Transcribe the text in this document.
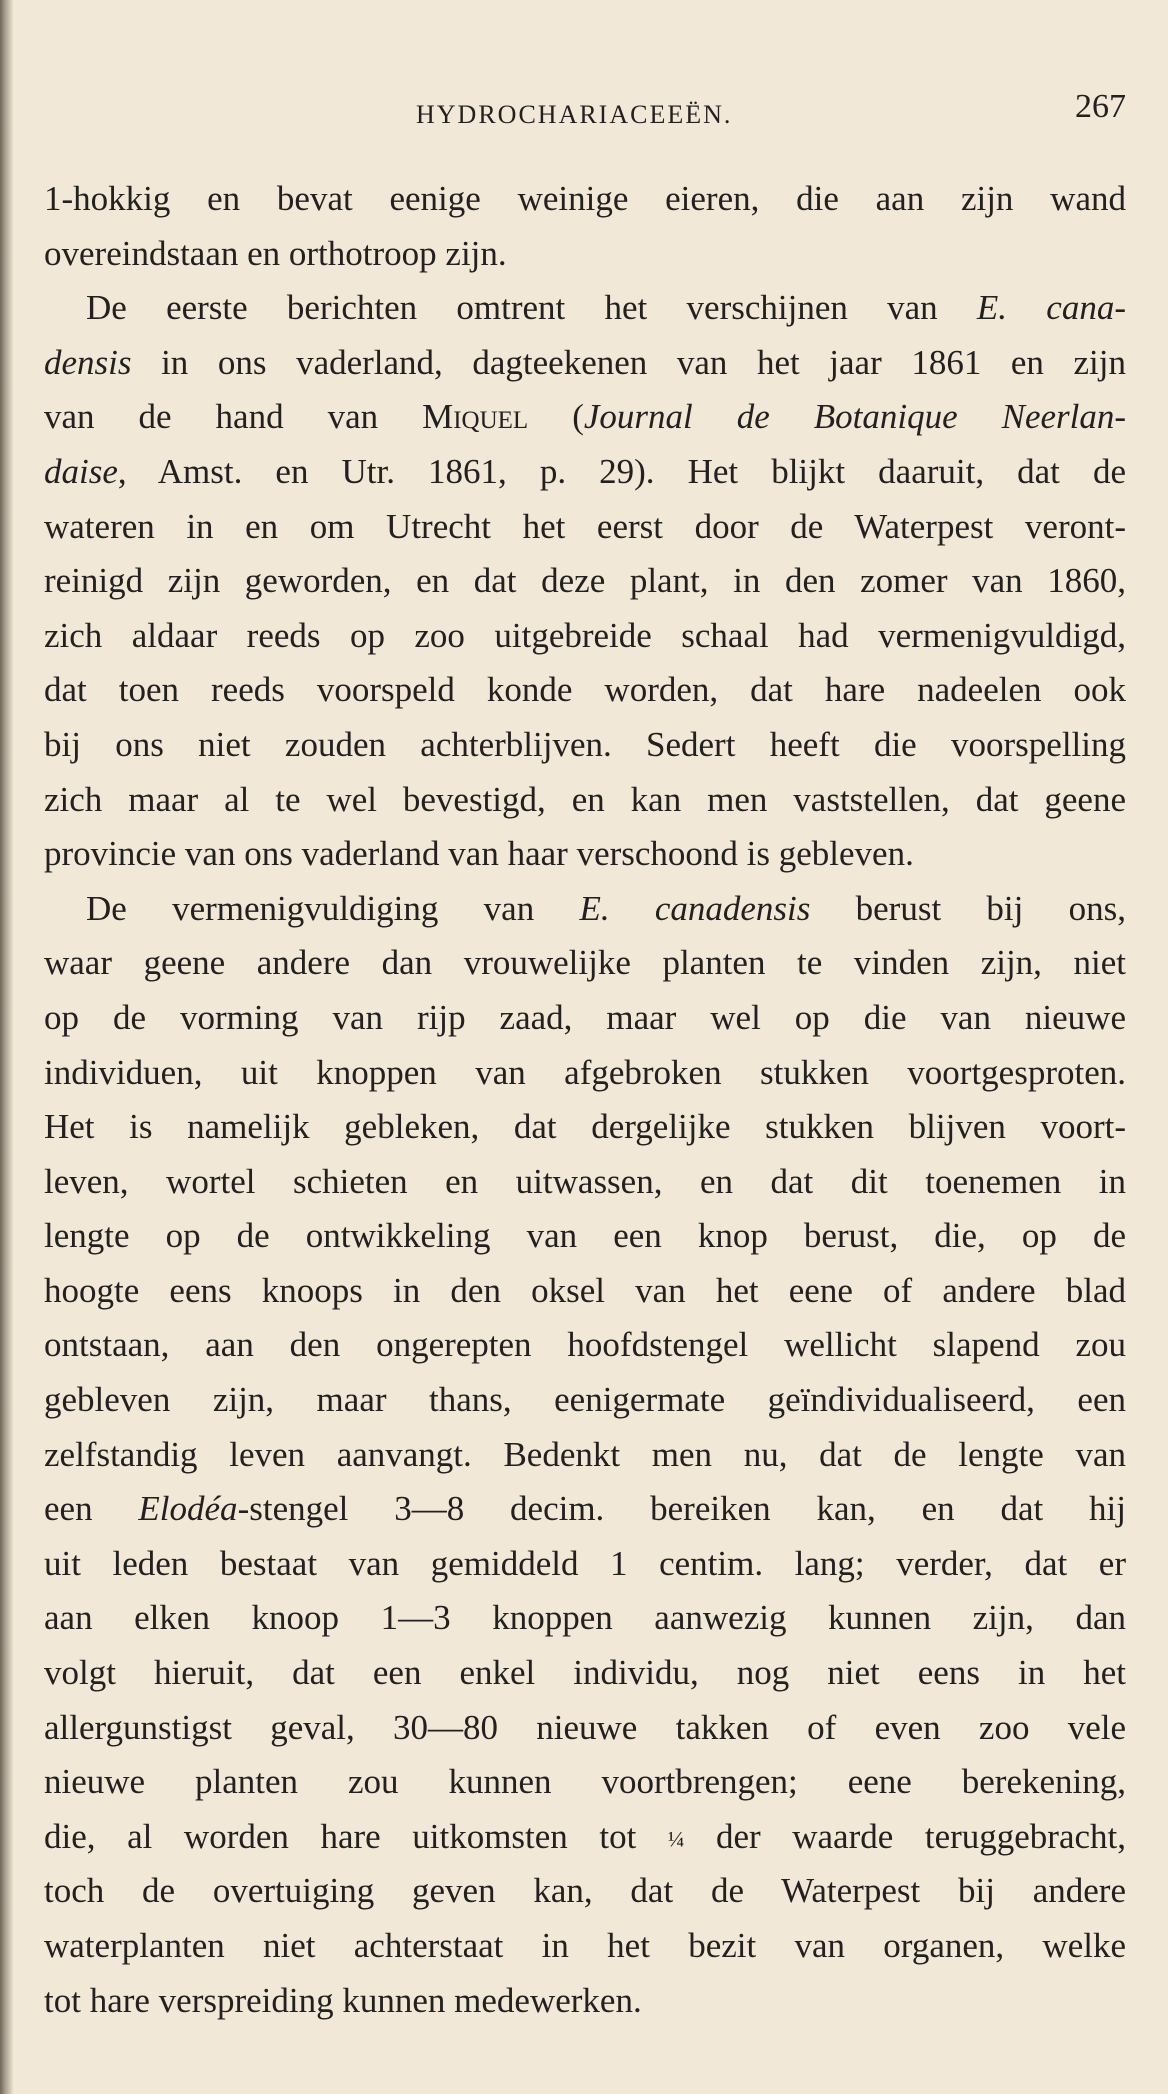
HYDROCHARIACEEËN.	267
1-hokkig en bevat eenige weinige eieren, die aan zijn wand
overeindstaan en orthotroop zijn.
De eerste berichten omtrent het verschijnen van E. cana-
densis in ons vaderland, dagteekenen van het jaar 1861 en zijn
van de hand van Miquel (Journal de Botanique Neerlan-
daise, Amst. en Utr. 1861, p. 29). Het blijkt daaruit, dat de
wateren in en om Utrecht het eerst door de Waterpest veront-
reinigd zijn geworden, en dat deze plant, in den zomer van 1860,
zich aldaar reeds op zoo uitgebreide schaal had vermenigvuldigd,
dat toen reeds voorspeld konde worden, dat hare nadeelen ook
bij ons niet zouden achterblijven. Sedert heeft die voorspelling
zich maar al te wel bevestigd, en kan men vaststellen, dat geene
provincie van ons vaderland van haar verschoond is gebleven.
De vermenigvuldiging van E. canadensis berust bij ons,
waar geene andere dan vrouwelijke planten te vinden zijn, niet
op de vorming van rijp zaad, maar wel op die van nieuwe
individuen, uit knoppen van afgebroken stukken voortgesproten.
Het is namelijk gebleken, dat dergelijke stukken blijven voort-
leven, wortel schieten en uitwassen, en dat dit toenemen in
lengte op de ontwikkeling van een knop berust, die, op de
hoogte eens knoops in den oksel van het eene of andere blad
ontstaan, aan den ongerepten hoofdstengel wellicht slapend zou
gebleven zijn, maar thans, eenigermate geïndividualiseerd, een
zelfstandig leven aanvangt. Bedenkt men nu, dat de lengte van
een Elodéa-stengel 3—8 decim. bereiken kan, en dat hij
uit leden bestaat van gemiddeld 1 centim. lang; verder, dat er
aan elken knoop 1—3 knoppen aanwezig kunnen zijn, dan
volgt hieruit, dat een enkel individu, nog niet eens in het
allergunstigst geval, 30—80 nieuwe takken of even zoo vele
nieuwe planten zou kunnen voortbrengen; eene berekening,
die, al worden hare uitkomsten tot ¼ der waarde teruggebracht,
toch de overtuiging geven kan, dat de Waterpest bij andere
waterplanten niet achterstaat in het bezit van organen, welke
tot hare verspreiding kunnen medewerken.
